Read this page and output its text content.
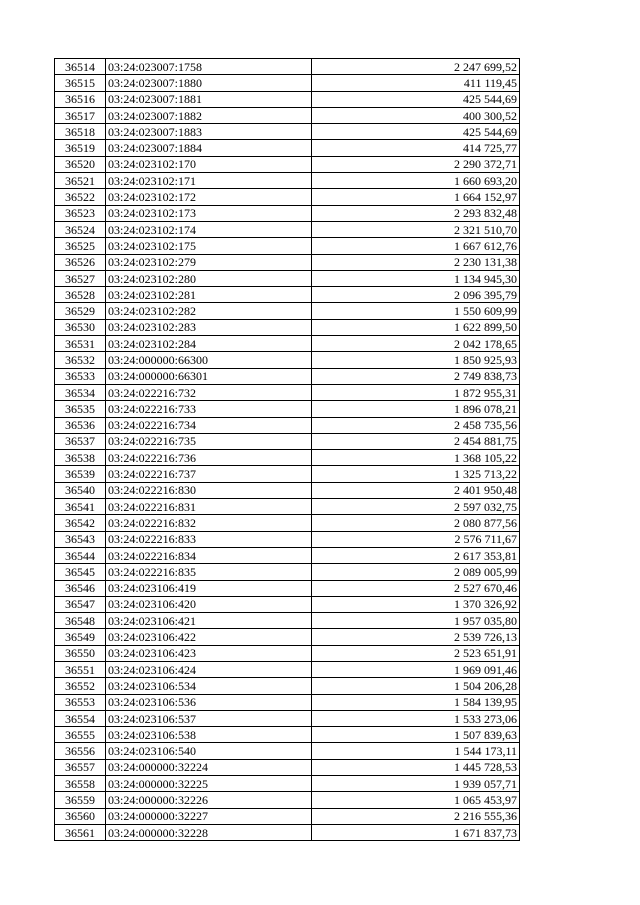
36514	03:24:023007:1758	2 247 699,52
36515	03:24:023007:1880	411 119,45
36516	03:24:023007:1881	425 544,69
36517	03:24:023007:1882	400 300,52
36518	03:24:023007:1883	425 544,69
36519	03:24:023007:1884	414 725,77
36520	03:24:023102:170	2 290 372,71
36521	03:24:023102:171	1 660 693,20
36522	03:24:023102:172	1 664 152,97
36523	03:24:023102:173	2 293 832,48
36524	03:24:023102:174	2 321 510,70
36525	03:24:023102:175	1 667 612,76
36526	03:24:023102:279	2 230 131,38
36527	03:24:023102:280	1 134 945,30
36528	03:24:023102:281	2 096 395,79
36529	03:24:023102:282	1 550 609,99
36530	03:24:023102:283	1 622 899,50
36531	03:24:023102:284	2 042 178,65
36532	03:24:000000:66300	1 850 925,93
36533	03:24:000000:66301	2 749 838,73
36534	03:24:022216:732	1 872 955,31
36535	03:24:022216:733	1 896 078,21
36536	03:24:022216:734	2 458 735,56
36537	03:24:022216:735	2 454 881,75
36538	03:24:022216:736	1 368 105,22
36539	03:24:022216:737	1 325 713,22
36540	03:24:022216:830	2 401 950,48
36541	03:24:022216:831	2 597 032,75
36542	03:24:022216:832	2 080 877,56
36543	03:24:022216:833	2 576 711,67
36544	03:24:022216:834	2 617 353,81
36545	03:24:022216:835	2 089 005,99
36546	03:24:023106:419	2 527 670,46
36547	03:24:023106:420	1 370 326,92
36548	03:24:023106:421	1 957 035,80
36549	03:24:023106:422	2 539 726,13
36550	03:24:023106:423	2 523 651,91
36551	03:24:023106:424	1 969 091,46
36552	03:24:023106:534	1 504 206,28
36553	03:24:023106:536	1 584 139,95
36554	03:24:023106:537	1 533 273,06
36555	03:24:023106:538	1 507 839,63
36556	03:24:023106:540	1 544 173,11
36557	03:24:000000:32224	1 445 728,53
36558	03:24:000000:32225	1 939 057,71
36559	03:24:000000:32226	1 065 453,97
36560	03:24:000000:32227	2 216 555,36
36561	03:24:000000:32228	1 671 837,73
